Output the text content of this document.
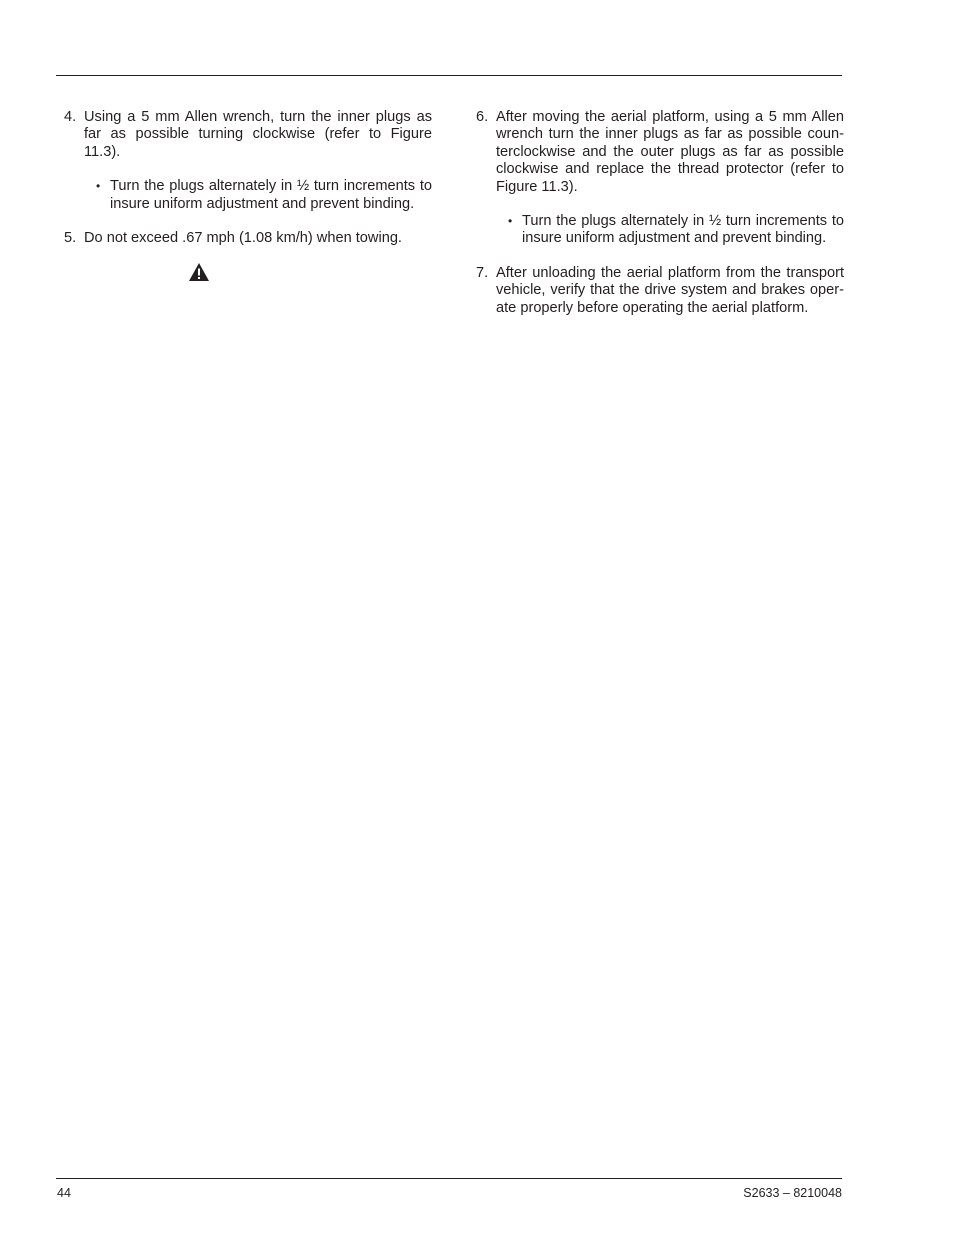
4. Using a 5 mm Allen wrench, turn the inner plugs as far as possible turning clockwise (refer to Figure 11.3).

• Turn the plugs alternately in ½ turn increments to insure uniform adjustment and prevent binding.

5. Do not exceed .67 mph (1.08 km/h) when towing.

6. After moving the aerial platform, using a 5 mm Allen wrench turn the inner plugs as far as possible coun-terclockwise and the outer plugs as far as possible clockwise and replace the thread protector (refer to Figure 11.3).

• Turn the plugs alternately in ½ turn increments to insure uniform adjustment and prevent binding.

7. After unloading the aerial platform from the transport vehicle, verify that the drive system and brakes oper-ate properly before operating the aerial platform.

44	S2633 – 8210048
